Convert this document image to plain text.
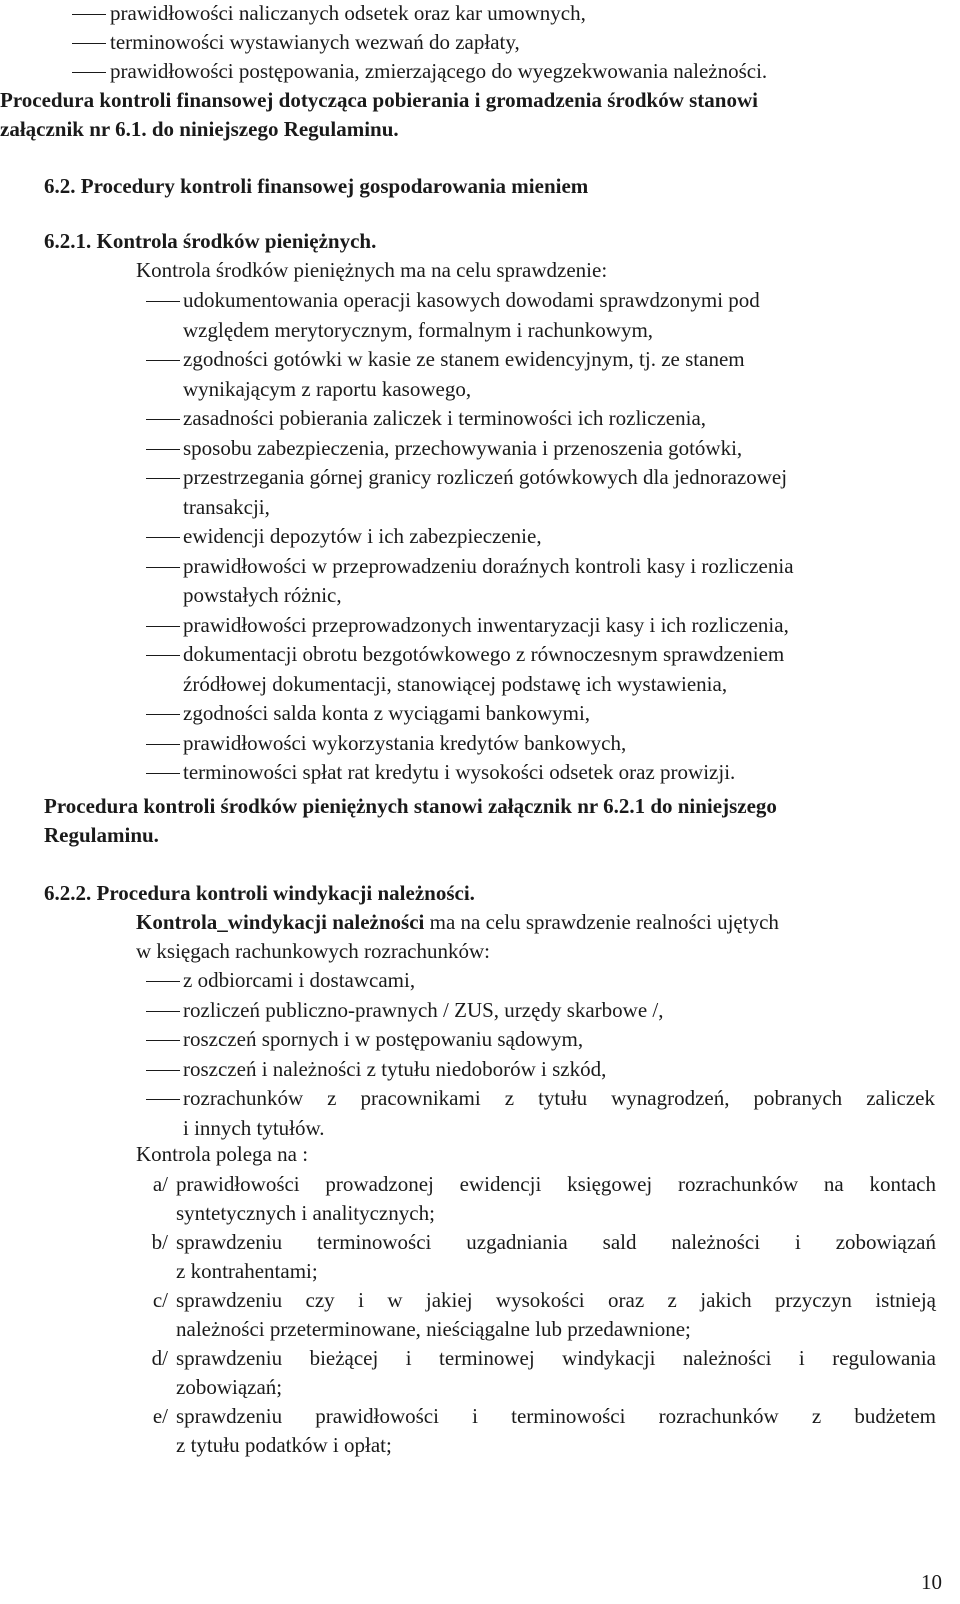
prawidłowości naliczanych odsetek oraz kar umownych,
terminowości wystawianych wezwań do zapłaty,
prawidłowości postępowania, zmierzającego do wyegzekwowania należności.
Procedura kontroli finansowej dotycząca pobierania i gromadzenia środków stanowi
załącznik nr 6.1. do niniejszego Regulaminu.
6.2. Procedury kontroli finansowej gospodarowania mieniem
6.2.1. Kontrola środków pieniężnych.
Kontrola środków pieniężnych ma na celu sprawdzenie:
udokumentowania operacji kasowych dowodami sprawdzonymi pod
względem merytorycznym, formalnym i rachunkowym,
zgodności gotówki w kasie ze stanem ewidencyjnym, tj. ze stanem
wynikającym z raportu kasowego,
zasadności pobierania zaliczek i terminowości ich rozliczenia,
sposobu zabezpieczenia, przechowywania i przenoszenia gotówki,
przestrzegania górnej granicy rozliczeń gotówkowych dla jednorazowej
transakcji,
ewidencji depozytów i ich zabezpieczenie,
prawidłowości w przeprowadzeniu doraźnych kontroli kasy i rozliczenia
powstałych różnic,
prawidłowości przeprowadzonych inwentaryzacji kasy i ich rozliczenia,
dokumentacji obrotu bezgotówkowego z równoczesnym sprawdzeniem
źródłowej dokumentacji, stanowiącej podstawę ich wystawienia,
zgodności salda konta z wyciągami bankowymi,
prawidłowości wykorzystania kredytów bankowych,
terminowości spłat rat kredytu i wysokości odsetek oraz prowizji.
Procedura kontroli środków pieniężnych stanowi załącznik nr 6.2.1 do niniejszego
Regulaminu.
6.2.2. Procedura kontroli windykacji należności.
Kontrola_windykacji należności ma na celu sprawdzenie realności ujętych
w księgach rachunkowych rozrachunków:
z odbiorcami i dostawcami,
rozliczeń publiczno-prawnych / ZUS, urzędy skarbowe /,
roszczeń spornych i w postępowaniu sądowym,
roszczeń i należności z tytułu niedoborów i szkód,
rozrachunków z pracownikami z tytułu wynagrodzeń, pobranych zaliczek
i innych tytułów.
Kontrola polega na :
a/ prawidłowości prowadzonej ewidencji księgowej rozrachunków na kontach
syntetycznych i analitycznych;
b/ sprawdzeniu terminowości uzgadniania sald należności i zobowiązań
z kontrahentami;
c/ sprawdzeniu czy i w jakiej wysokości oraz z jakich przyczyn istnieją
należności przeterminowane, nieściągalne lub przedawnione;
d/ sprawdzeniu bieżącej i terminowej windykacji należności i regulowania
zobowiązań;
e/ sprawdzeniu prawidłowości i terminowości rozrachunków z budżetem
z tytułu podatków i opłat;
10
